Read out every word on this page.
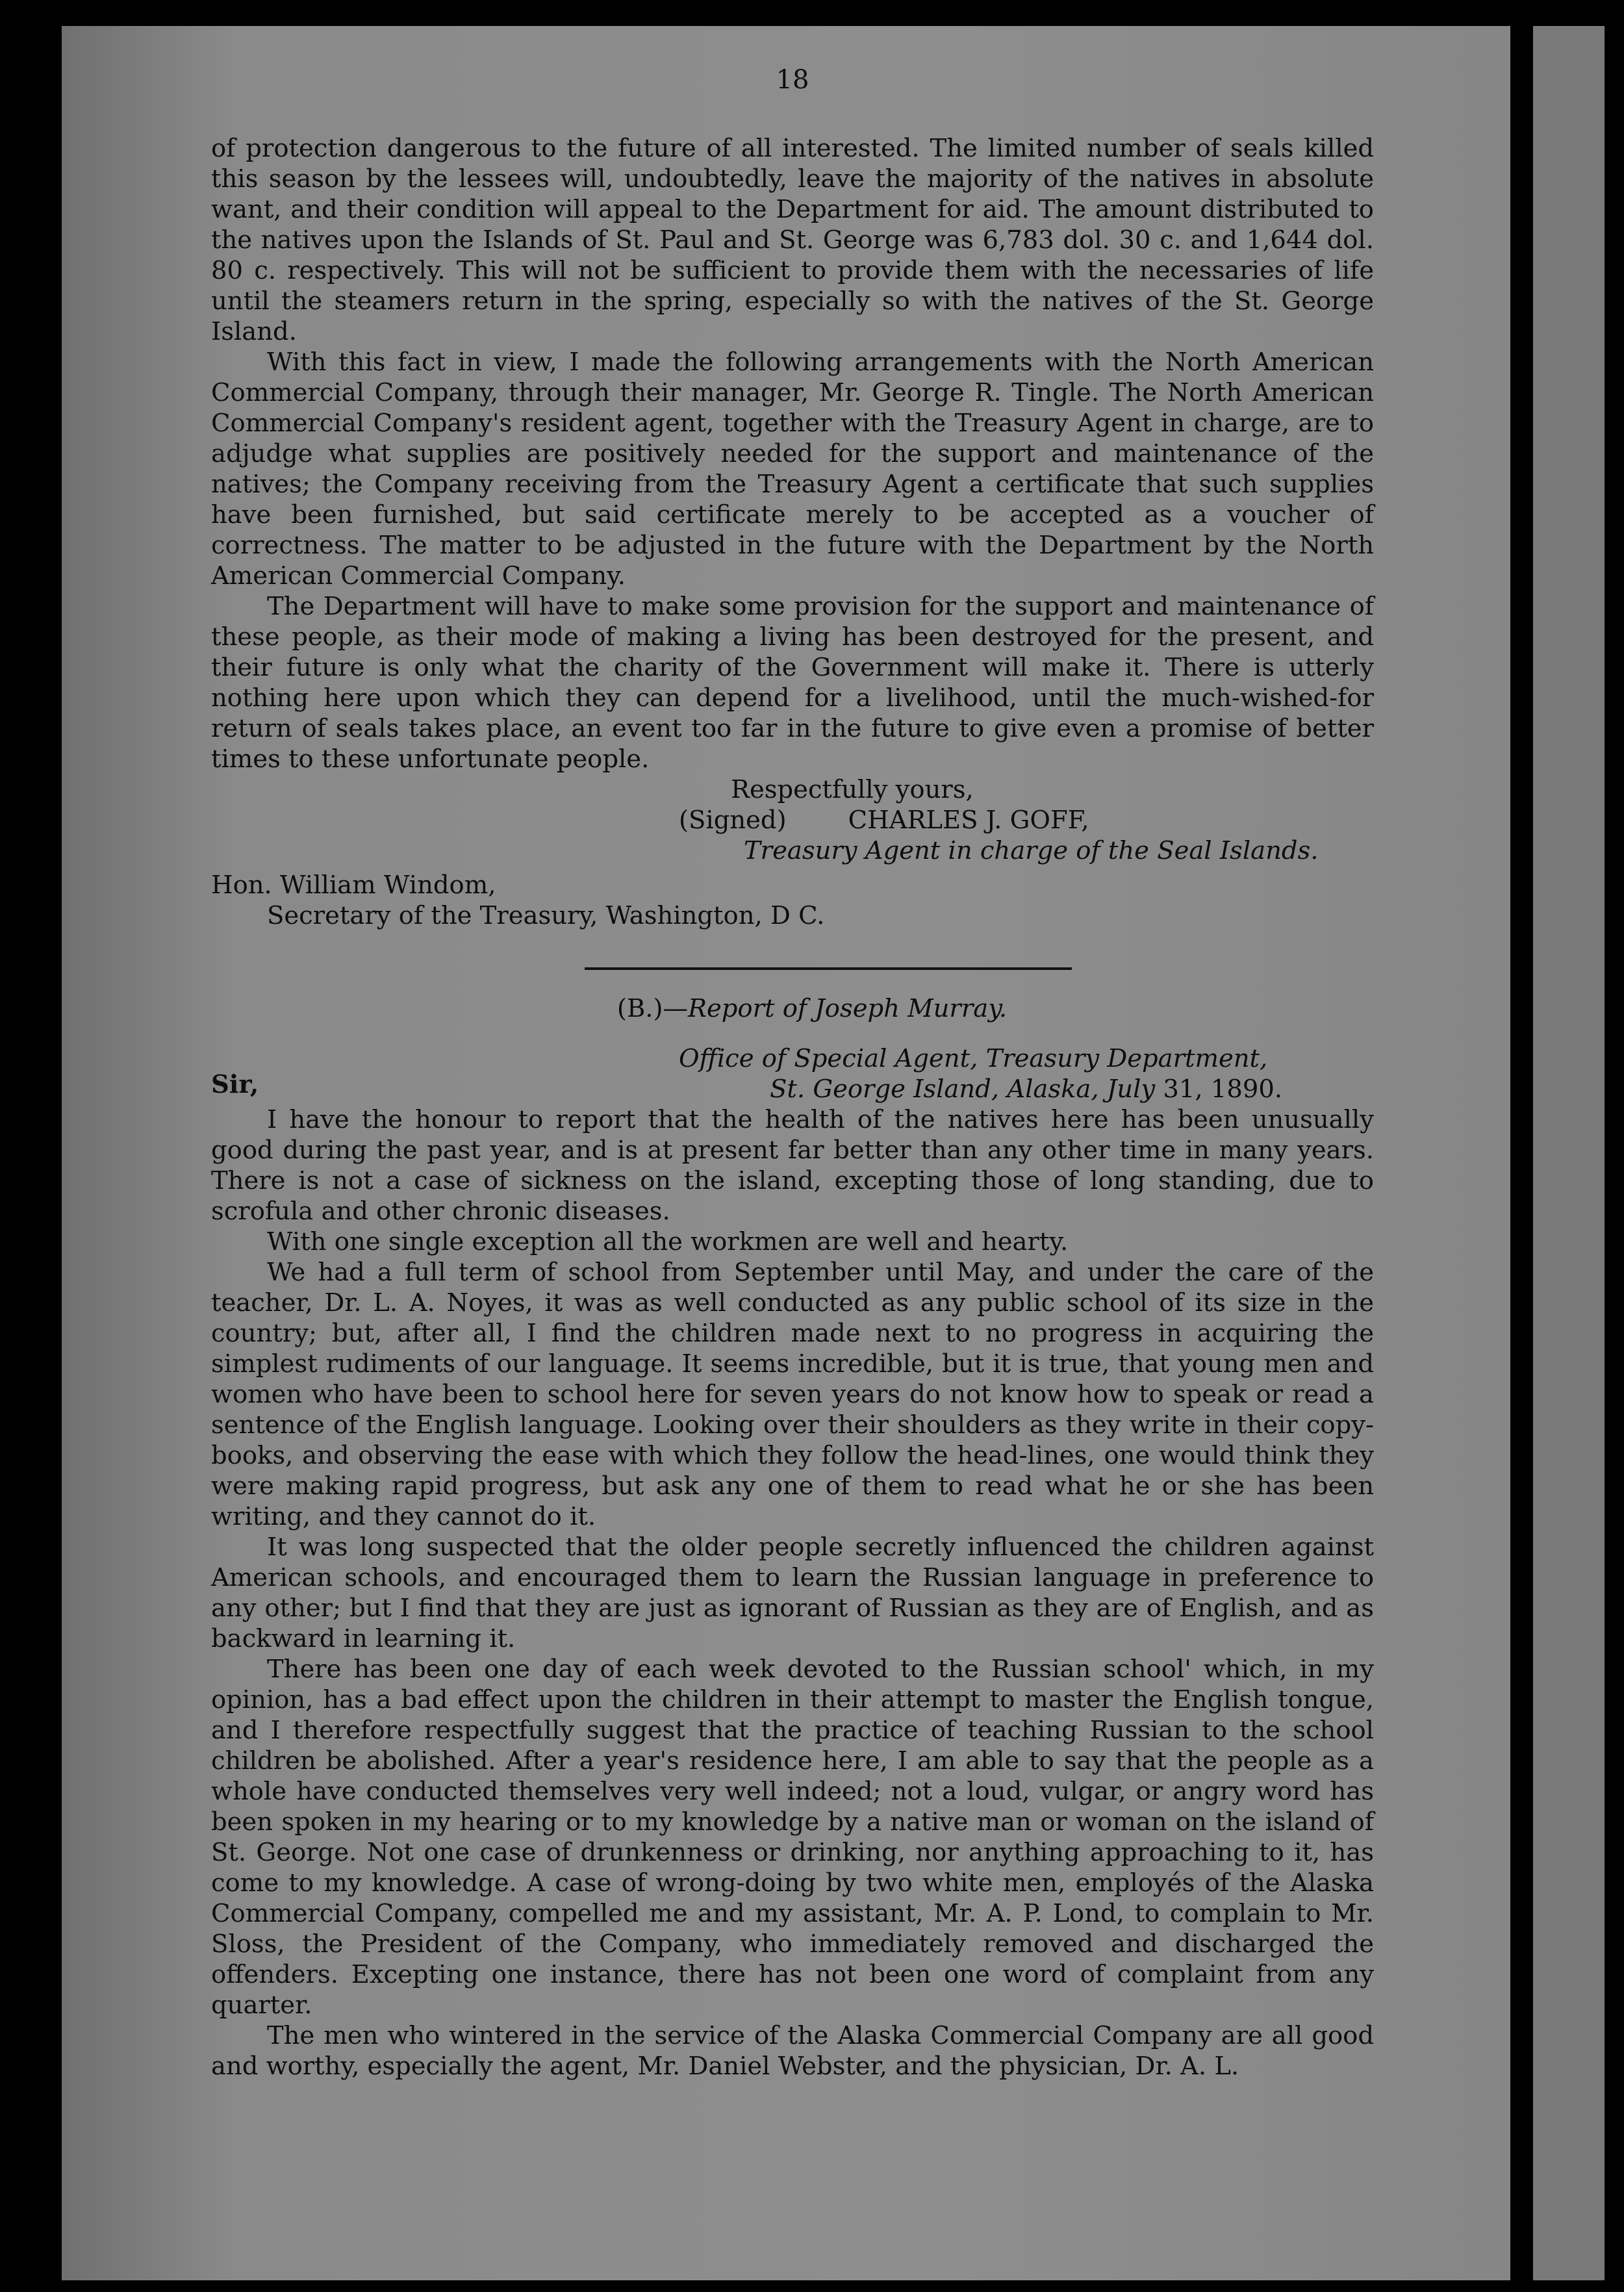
18

of protection dangerous to the future of all interested. The limited number of seals killed this season by the lessees will, undoubtedly, leave the majority of the natives in absolute want, and their condition will appeal to the Department for aid. The amount distributed to the natives upon the Islands of St. Paul and St. George was 6,783 dol. 30 c. and 1,644 dol. 80 c. respectively. This will not be sufficient to provide them with the necessaries of life until the steamers return in the spring, especially so with the natives of the St. George Island.

With this fact in view, I made the following arrangements with the North American Commercial Company, through their manager, Mr. George R. Tingle. The North American Commercial Company's resident agent, together with the Treasury Agent in charge, are to adjudge what supplies are positively needed for the support and maintenance of the natives; the Company receiving from the Treasury Agent a certificate that such supplies have been furnished, but said certificate merely to be accepted as a voucher of correctness. The matter to be adjusted in the future with the Department by the North American Commercial Company.

The Department will have to make some provision for the support and maintenance of these people, as their mode of making a living has been destroyed for the present, and their future is only what the charity of the Government will make it. There is utterly nothing here upon which they can depend for a livelihood, until the much-wished-for return of seals takes place, an event too far in the future to give even a promise of better times to these unfortunate people.

Respectfully yours,
(Signed) CHARLES J. GOFF,
Treasury Agent in charge of the Seal Islands.
Hon. William Windom,
Secretary of the Treasury, Washington, D C.
(B.)—Report of Joseph Murray.
Office of Special Agent, Treasury Department,
Sir,	St. George Island, Alaska, July 31, 1890.

I have the honour to report that the health of the natives here has been unusually good during the past year, and is at present far better than any other time in many years. There is not a case of sickness on the island, excepting those of long standing, due to scrofula and other chronic diseases.

With one single exception all the workmen are well and hearty.

We had a full term of school from September until May, and under the care of the teacher, Dr. L. A. Noyes, it was as well conducted as any public school of its size in the country; but, after all, I find the children made next to no progress in acquiring the simplest rudiments of our language. It seems incredible, but it is true, that young men and women who have been to school here for seven years do not know how to speak or read a sentence of the English language. Looking over their shoulders as they write in their copy-books, and observing the ease with which they follow the head-lines, one would think they were making rapid progress, but ask any one of them to read what he or she has been writing, and they cannot do it.

It was long suspected that the older people secretly influenced the children against American schools, and encouraged them to learn the Russian language in preference to any other; but I find that they are just as ignorant of Russian as they are of English, and as backward in learning it.

There has been one day of each week devoted to the Russian school' which, in my opinion, has a bad effect upon the children in their attempt to master the English tongue, and I therefore respectfully suggest that the practice of teaching Russian to the school children be abolished. After a year's residence here, I am able to say that the people as a whole have conducted themselves very well indeed; not a loud, vulgar, or angry word has been spoken in my hearing or to my knowledge by a native man or woman on the island of St. George. Not one case of drunkenness or drinking, nor anything approaching to it, has come to my knowledge. A case of wrong-doing by two white men, employés of the Alaska Commercial Company, compelled me and my assistant, Mr. A. P. Lond, to complain to Mr. Sloss, the President of the Company, who immediately removed and discharged the offenders. Excepting one instance, there has not been one word of complaint from any quarter.

The men who wintered in the service of the Alaska Commercial Company are all good and worthy, especially the agent, Mr. Daniel Webster, and the physician, Dr. A. L.
